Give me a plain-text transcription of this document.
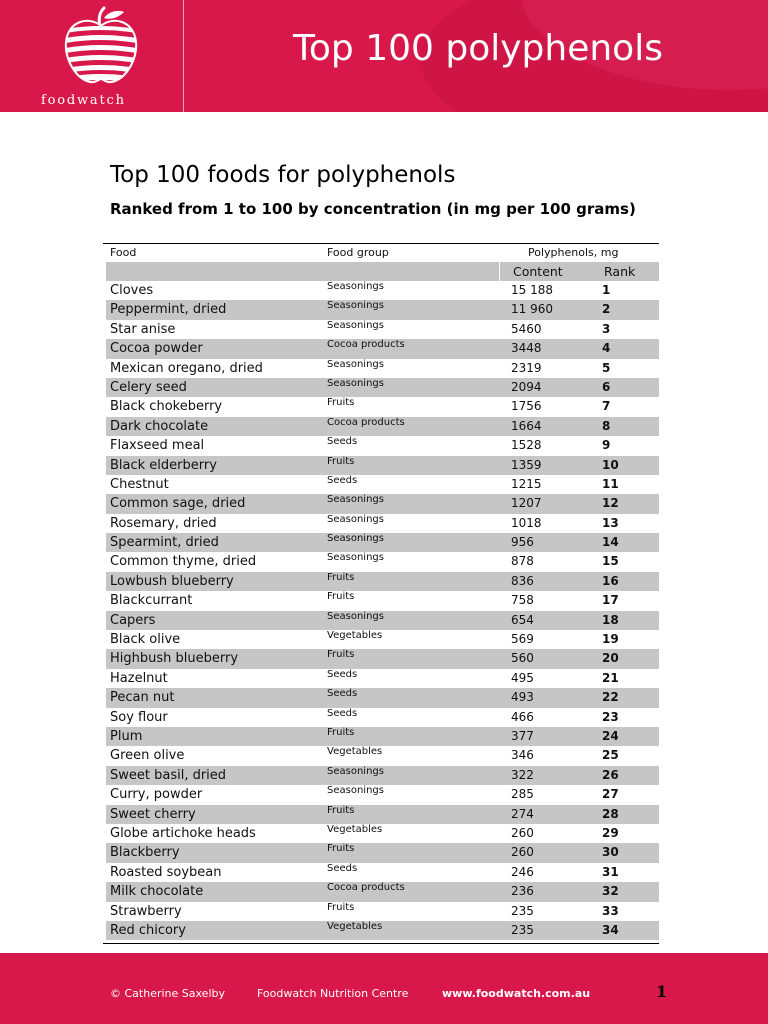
foodwatch
Top 100 polyphenols
Top 100 foods for polyphenols
Ranked from 1 to 100 by concentration (in mg per 100 grams)
Food	Food group	Polyphenols, mg
Content	Rank
Cloves	Seasonings	15 188	1
Peppermint, dried	Seasonings	11 960	2
Star anise	Seasonings	5460	3
Cocoa powder	Cocoa products	3448	4
Mexican oregano, dried	Seasonings	2319	5
Celery seed	Seasonings	2094	6
Black chokeberry	Fruits	1756	7
Dark chocolate	Cocoa products	1664	8
Flaxseed meal	Seeds	1528	9
Black elderberry	Fruits	1359	10
Chestnut	Seeds	1215	11
Common sage, dried	Seasonings	1207	12
Rosemary, dried	Seasonings	1018	13
Spearmint, dried	Seasonings	956	14
Common thyme, dried	Seasonings	878	15
Lowbush blueberry	Fruits	836	16
Blackcurrant	Fruits	758	17
Capers	Seasonings	654	18
Black olive	Vegetables	569	19
Highbush blueberry	Fruits	560	20
Hazelnut	Seeds	495	21
Pecan nut	Seeds	493	22
Soy flour	Seeds	466	23
Plum	Fruits	377	24
Green olive	Vegetables	346	25
Sweet basil, dried	Seasonings	322	26
Curry, powder	Seasonings	285	27
Sweet cherry	Fruits	274	28
Globe artichoke heads	Vegetables	260	29
Blackberry	Fruits	260	30
Roasted soybean	Seeds	246	31
Milk chocolate	Cocoa products	236	32
Strawberry	Fruits	235	33
Red chicory	Vegetables	235	34
© Catherine Saxelby	Foodwatch Nutrition Centre	www.foodwatch.com.au	1
